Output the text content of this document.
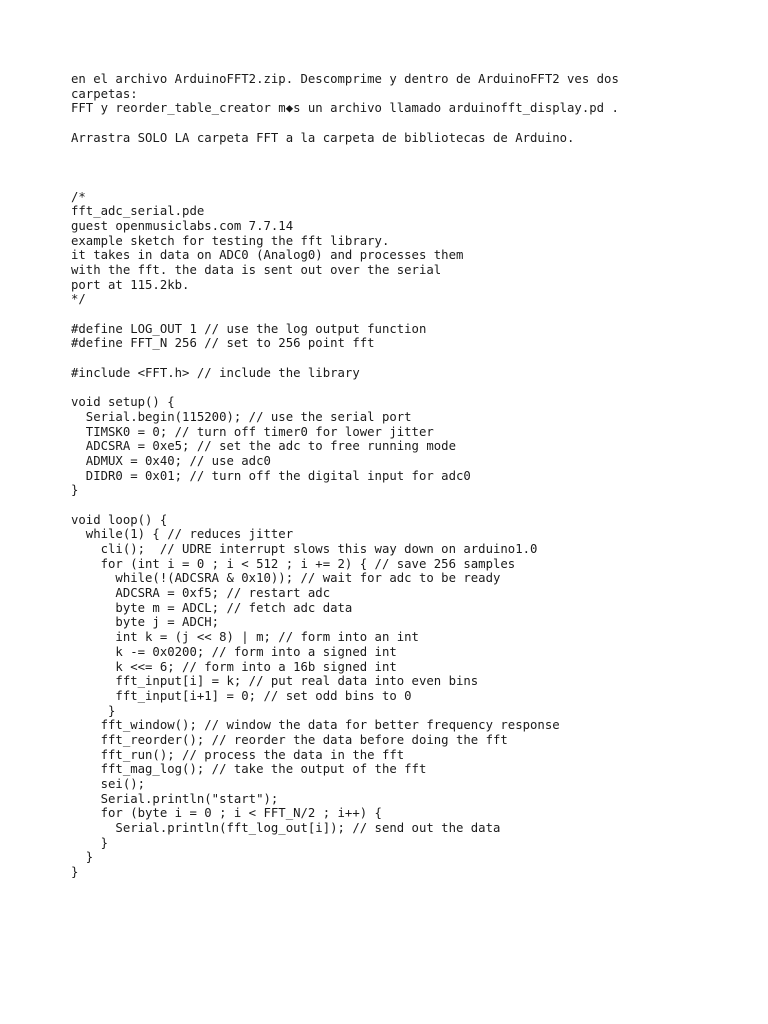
en el archivo ArduinoFFT2.zip. Descomprime y dentro de ArduinoFFT2 ves dos
carpetas:
FFT y reorder_table_creator m◆s un archivo llamado arduinofft_display.pd .
Arrastra SOLO LA carpeta FFT a la carpeta de bibliotecas de Arduino.
/*
fft_adc_serial.pde
guest openmusiclabs.com 7.7.14
example sketch for testing the fft library.
it takes in data on ADC0 (Analog0) and processes them
with the fft. the data is sent out over the serial
port at 115.2kb.
*/
#define LOG_OUT 1 // use the log output function
#define FFT_N 256 // set to 256 point fft
#include <FFT.h> // include the library
void setup() {
Serial.begin(115200); // use the serial port
TIMSK0 = 0; // turn off timer0 for lower jitter
ADCSRA = 0xe5; // set the adc to free running mode
ADMUX = 0x40; // use adc0
DIDR0 = 0x01; // turn off the digital input for adc0
}
void loop() {
while(1) { // reduces jitter
cli();  // UDRE interrupt slows this way down on arduino1.0
for (int i = 0 ; i < 512 ; i += 2) { // save 256 samples
while(!(ADCSRA & 0x10)); // wait for adc to be ready
ADCSRA = 0xf5; // restart adc
byte m = ADCL; // fetch adc data
byte j = ADCH;
int k = (j << 8) | m; // form into an int
k -= 0x0200; // form into a signed int
k <<= 6; // form into a 16b signed int
fft_input[i] = k; // put real data into even bins
fft_input[i+1] = 0; // set odd bins to 0
}
fft_window(); // window the data for better frequency response
fft_reorder(); // reorder the data before doing the fft
fft_run(); // process the data in the fft
fft_mag_log(); // take the output of the fft
sei();
Serial.println("start");
for (byte i = 0 ; i < FFT_N/2 ; i++) {
Serial.println(fft_log_out[i]); // send out the data
}
}
}
